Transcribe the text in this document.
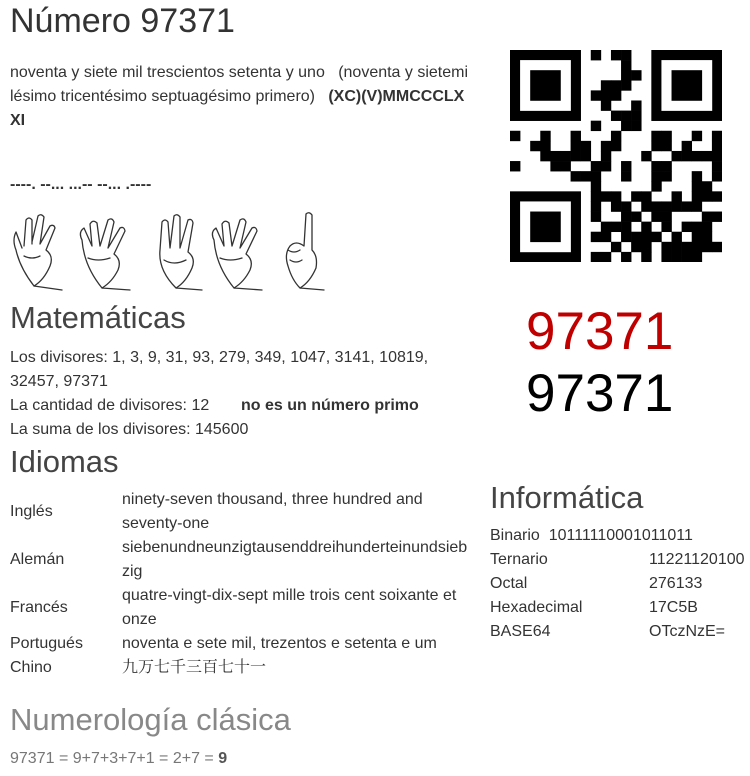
Número 97371
noventa y siete mil trescientos setenta y uno (noventa y sietemi lésimo tricentésimo septuagésimo primero) (XC)(V)MMCCCLX XI
----. --... ...-- --... .----
97371
97371
Matemáticas
Los divisores: 1, 3, 9, 31, 93, 279, 349, 1047, 3141, 10819, 32457, 97371
La cantidad de divisores: 12 no es un número primo
La suma de los divisores: 145600
Idiomas
Inglés	ninety-seven thousand, three hundred and seventy-one
Alemán	siebenundneunzigtausenddreihunderteinundsieb zig
Francés	quatre-vingt-dix-sept mille trois cent soixante et onze
Portugués	noventa e sete mil, trezentos e setenta e um
Chino	九万七千三百七十一
Informática
Binario 10111110001011011
Ternario	11221120100
Octal	276133
Hexadecimal	17C5B
BASE64	OTczNzE=
Numerología clásica
97371 = 9+7+3+7+1 = 2+7 = 9
